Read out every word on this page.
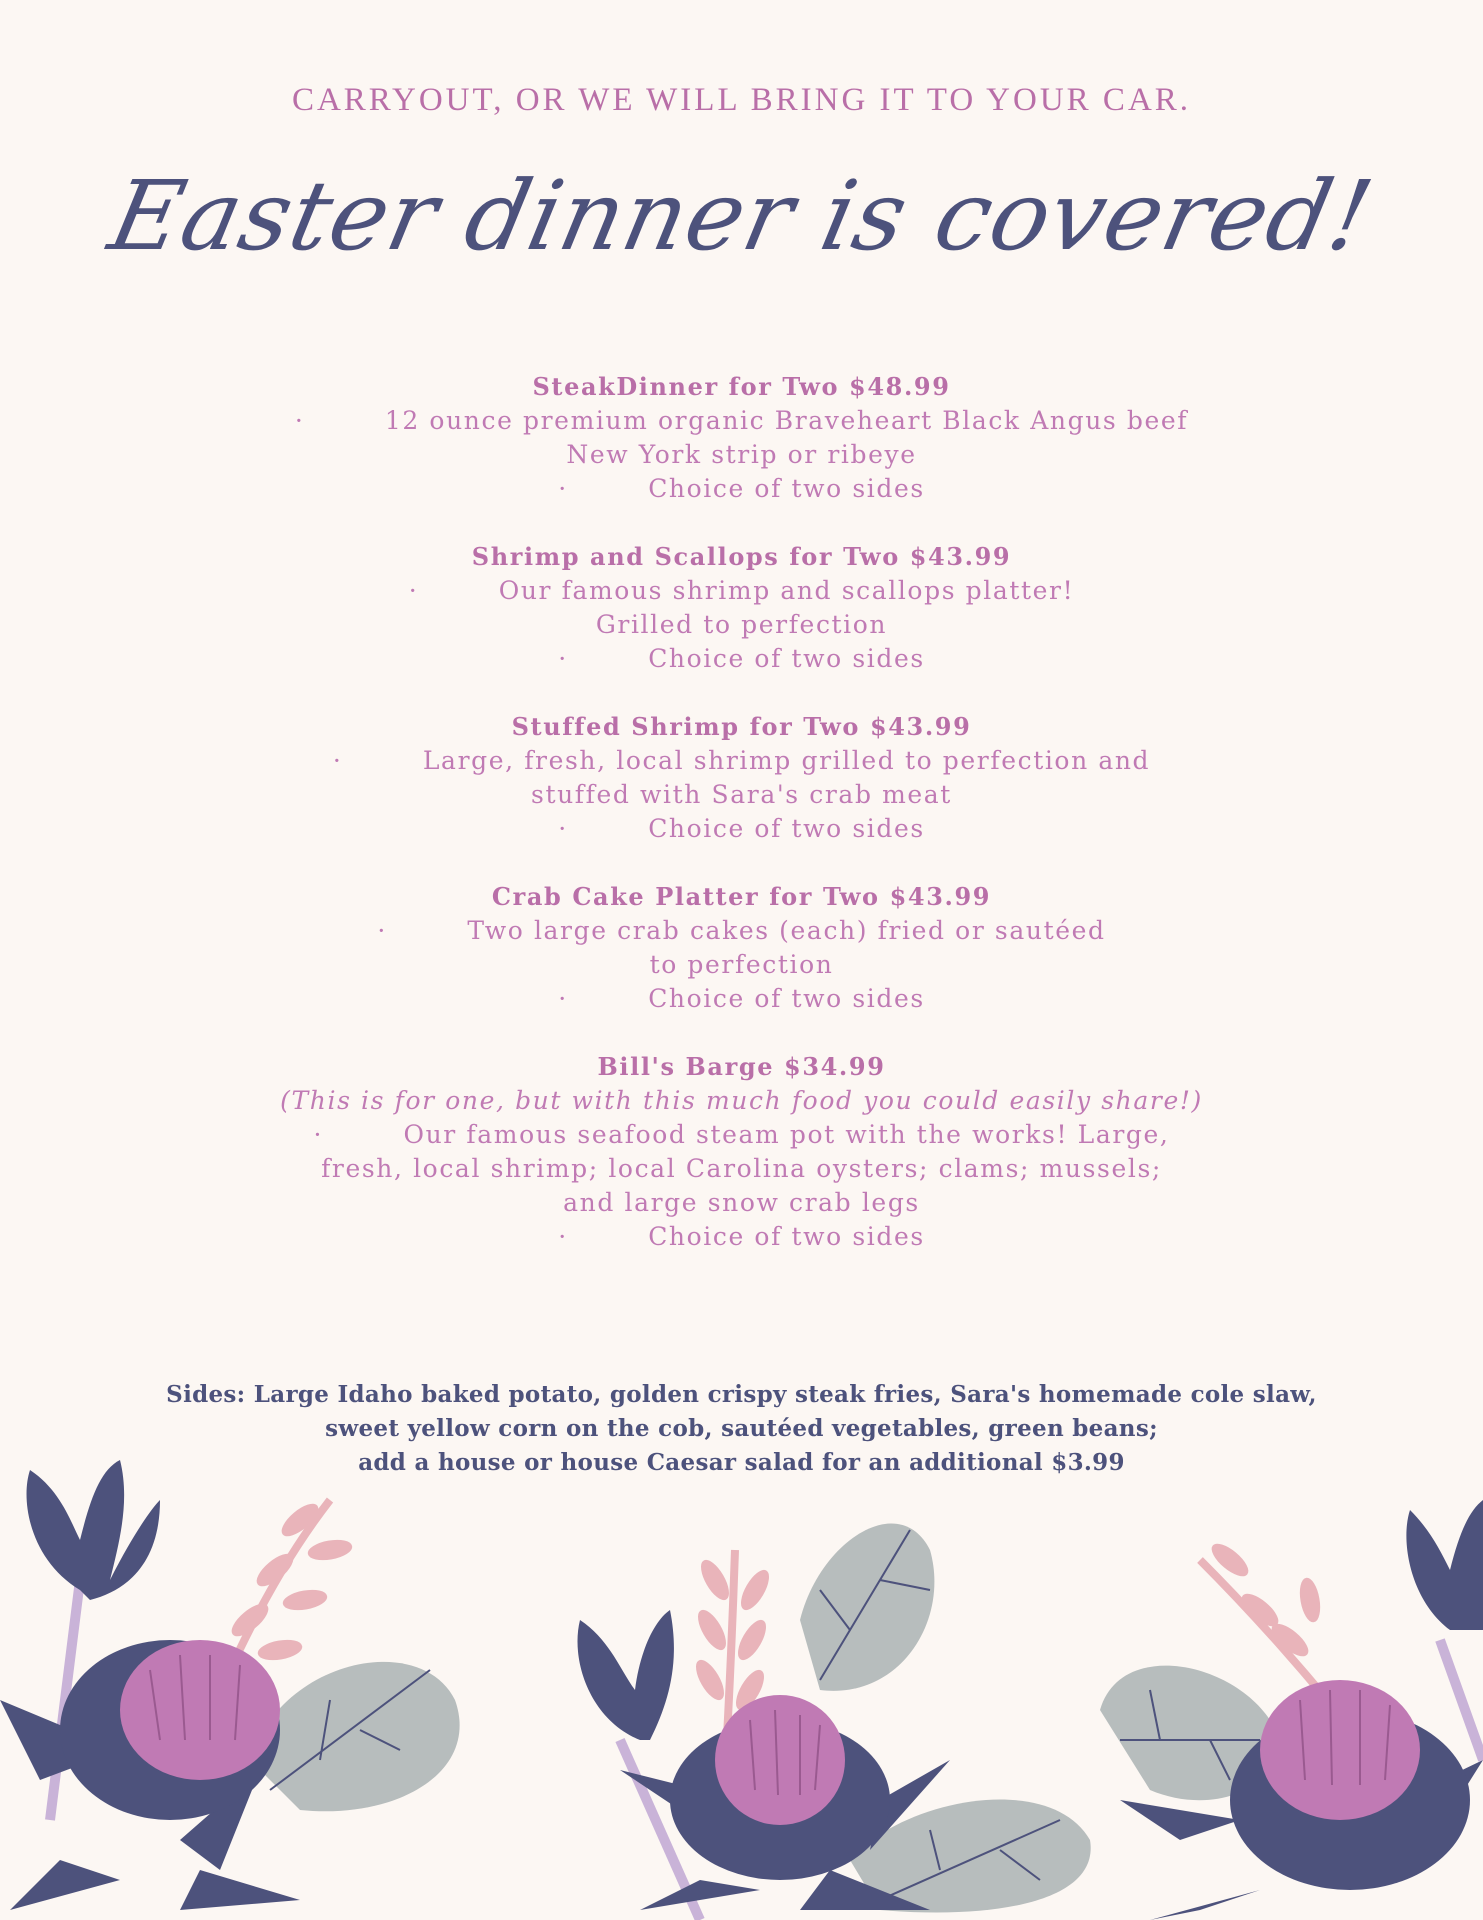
CARRYOUT, OR WE WILL BRING IT TO YOUR CAR.
Easter dinner is covered!
SteakDinner for Two $48.99
·	12 ounce premium organic Braveheart Black Angus beef
New York strip or ribeye
·	Choice of two sides
Shrimp and Scallops for Two $43.99
·	Our famous shrimp and scallops platter!
Grilled to perfection
·	Choice of two sides
Stuffed Shrimp for Two $43.99
·	Large, fresh, local shrimp grilled to perfection and
stuffed with Sara's crab meat
·	Choice of two sides
Crab Cake Platter for Two $43.99
·	Two large crab cakes (each) fried or sautéed
to perfection
·	Choice of two sides
Bill's Barge $34.99
(This is for one, but with this much food you could easily share!)
·	Our famous seafood steam pot with the works! Large,
fresh, local shrimp; local Carolina oysters; clams; mussels;
and large snow crab legs
·	Choice of two sides
Sides: Large Idaho baked potato, golden crispy steak fries, Sara's homemade cole slaw,
sweet yellow corn on the cob, sautéed vegetables, green beans;
add a house or house Caesar salad for an additional $3.99
